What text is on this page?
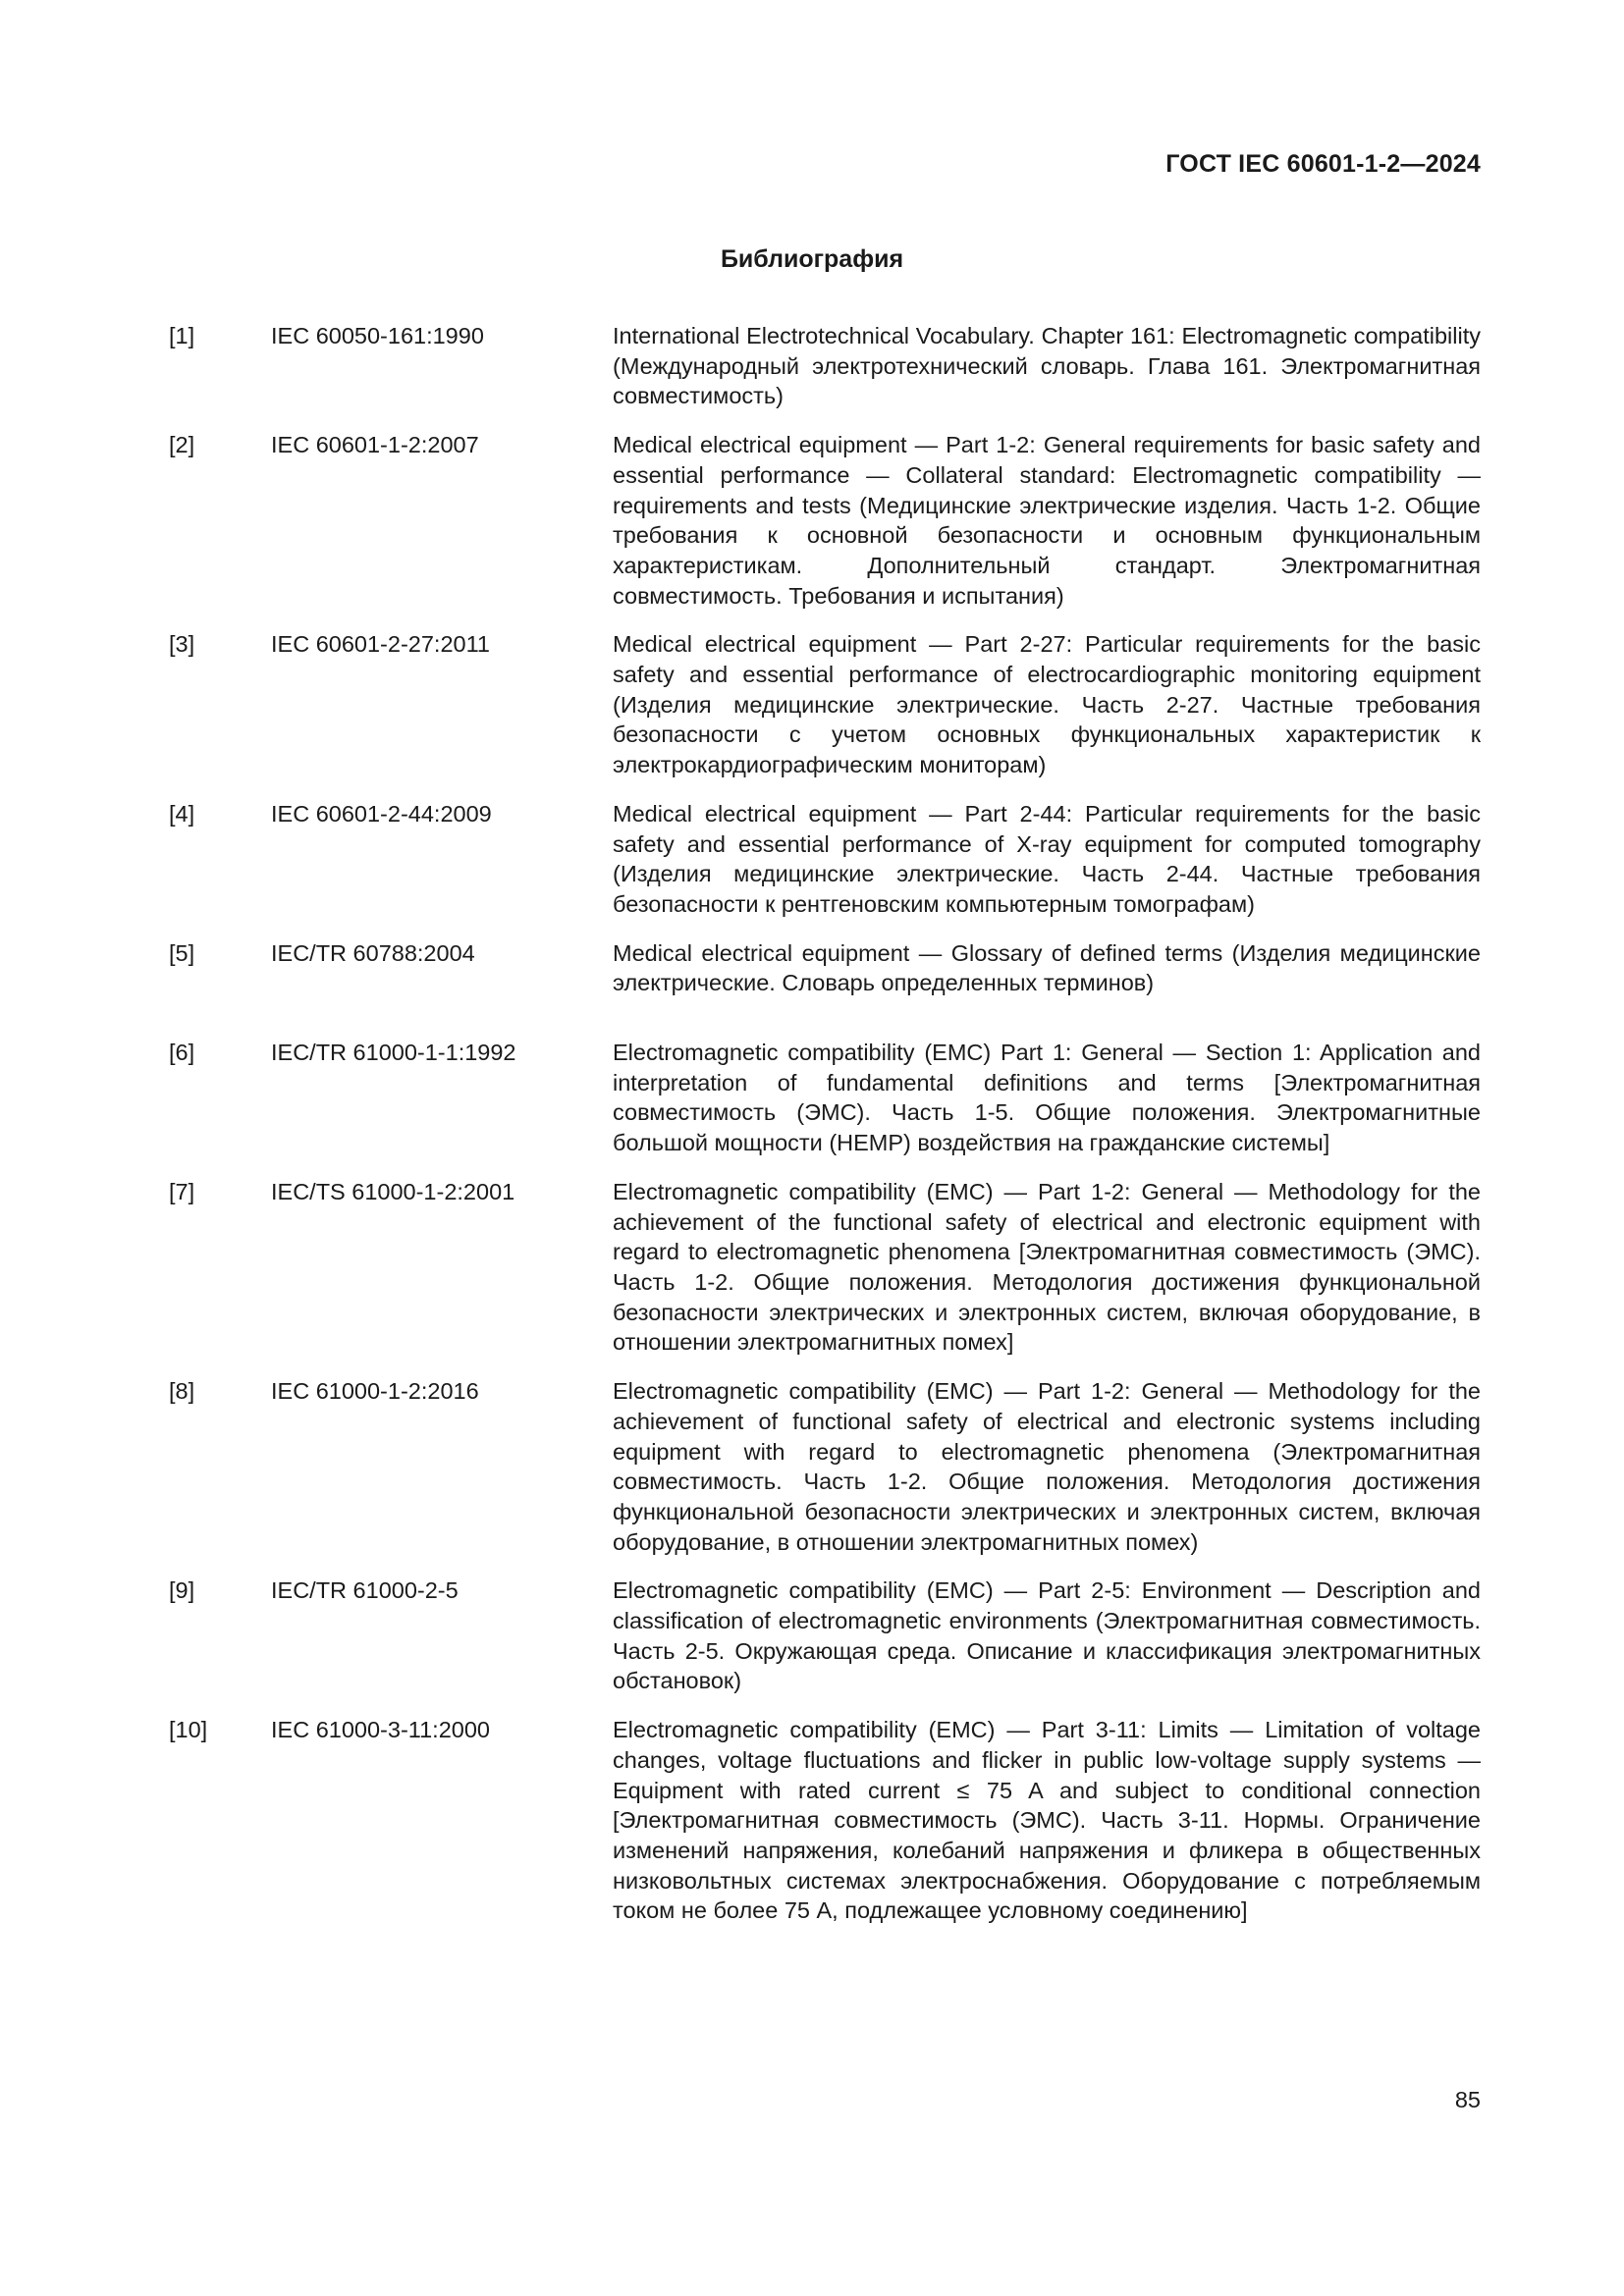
ГОСТ IEC 60601-1-2—2024
Библиография
[1]	IEC 60050-161:1990	International Electrotechnical Vocabulary. Chapter 161: Electromagnetic compatibility (Международный электротехнический словарь. Глава 161. Электромагнитная совместимость)
[2]	IEC 60601-1-2:2007	Medical electrical equipment — Part 1-2: General requirements for basic safety and essential performance — Collateral standard: Electromagnetic compatibility — requirements and tests (Медицинские электрические изделия. Часть 1-2. Общие требования к основной безопасности и основным функциональным характеристикам. Дополнительный стандарт. Электромагнитная совместимость. Требования и испытания)
[3]	IEC 60601-2-27:2011	Medical electrical equipment — Part 2-27: Particular requirements for the basic safety and essential performance of electrocardiographic monitoring equipment (Изделия медицинские электрические. Часть 2-27. Частные требования безопасности с учетом основных функциональных характеристик к электрокардиографическим мониторам)
[4]	IEC 60601-2-44:2009	Medical electrical equipment — Part 2-44: Particular requirements for the basic safety and essential performance of X-ray equipment for computed tomography (Изделия медицинские электрические. Часть 2-44. Частные требования безопасности к рентгеновским компьютерным томографам)
[5]	IEC/TR 60788:2004	Medical electrical equipment — Glossary of defined terms (Изделия медицинские электрические. Словарь определенных терминов)
[6]	IEC/TR 61000-1-1:1992	Electromagnetic compatibility (EMC) Part 1: General — Section 1: Application and interpretation of fundamental definitions and terms [Электромагнитная совместимость (ЭМС). Часть 1-5. Общие положения. Электромагнитные большой мощности (HEMP) воздействия на гражданские системы]
[7]	IEC/TS 61000-1-2:2001	Electromagnetic compatibility (EMC) — Part 1-2: General — Methodology for the achievement of the functional safety of electrical and electronic equipment with regard to electromagnetic phenomena [Электромагнитная совместимость (ЭМС). Часть 1-2. Общие положения. Методология достижения функциональной безопасности электрических и электронных систем, включая оборудование, в отношении электромагнитных помех]
[8]	IEC 61000-1-2:2016	Electromagnetic compatibility (EMC) — Part 1-2: General — Methodology for the achievement of functional safety of electrical and electronic systems including equipment with regard to electromagnetic phenomena (Электромагнитная совместимость. Часть 1-2. Общие положения. Методология достижения функциональной безопасности электрических и электронных систем, включая оборудование, в отношении электромагнитных помех)
[9]	IEC/TR 61000-2-5	Electromagnetic compatibility (EMC) — Part 2-5: Environment — Description and classification of electromagnetic environments (Электромагнитная совместимость. Часть 2-5. Окружающая среда. Описание и классификация электромагнитных обстановок)
[10]	IEC 61000-3-11:2000	Electromagnetic compatibility (EMC) — Part 3-11: Limits — Limitation of voltage changes, voltage fluctuations and flicker in public low-voltage supply systems — Equipment with rated current ≤ 75 A and subject to conditional connection [Электромагнитная совместимость (ЭМС). Часть 3-11. Нормы. Ограничение изменений напряжения, колебаний напряжения и фликера в общественных низковольтных системах электроснабжения. Оборудование с потребляемым током не более 75 A, подлежащее условному соединению]
85
